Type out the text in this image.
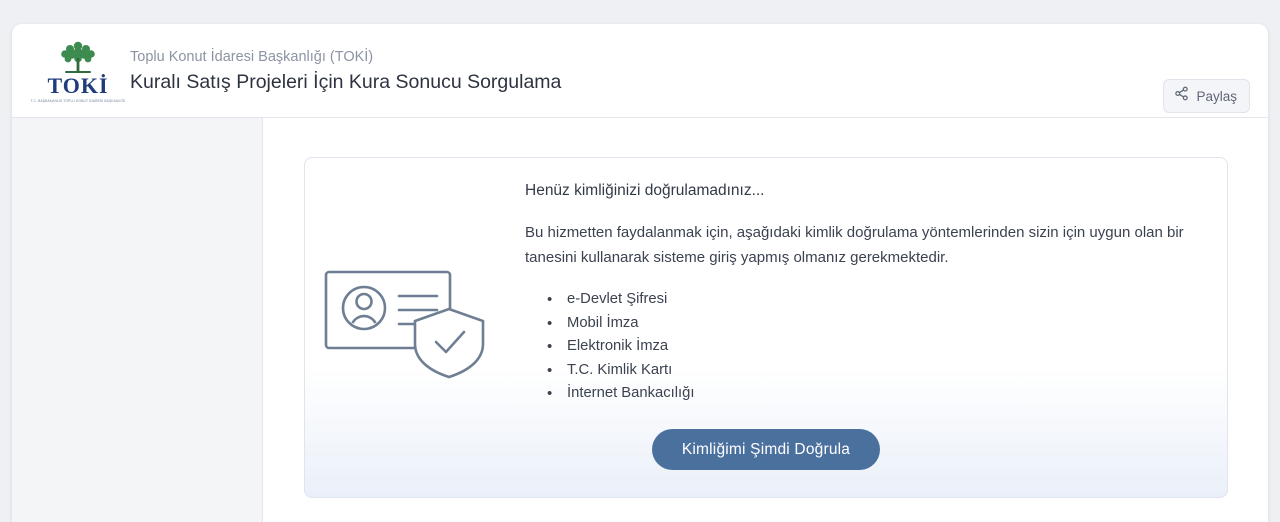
TOKİ
T.C. BAŞBAKANLIK TOPLU KONUT İDARESİ BAŞKANLIĞI
Toplu Konut İdaresi Başkanlığı (TOKİ)
Kuralı Satış Projeleri İçin Kura Sonucu Sorgulama
Paylaş

Henüz kimliğinizi doğrulamadınız...

Bu hizmetten faydalanmak için, aşağıdaki kimlik doğrulama yöntemlerinden sizin için uygun olan bir tanesini kullanarak sisteme giriş yapmış olmanız gerekmektedir.

• e-Devlet Şifresi
• Mobil İmza
• Elektronik İmza
• T.C. Kimlik Kartı
• İnternet Bankacılığı
Kimliğimi Şimdi Doğrula
